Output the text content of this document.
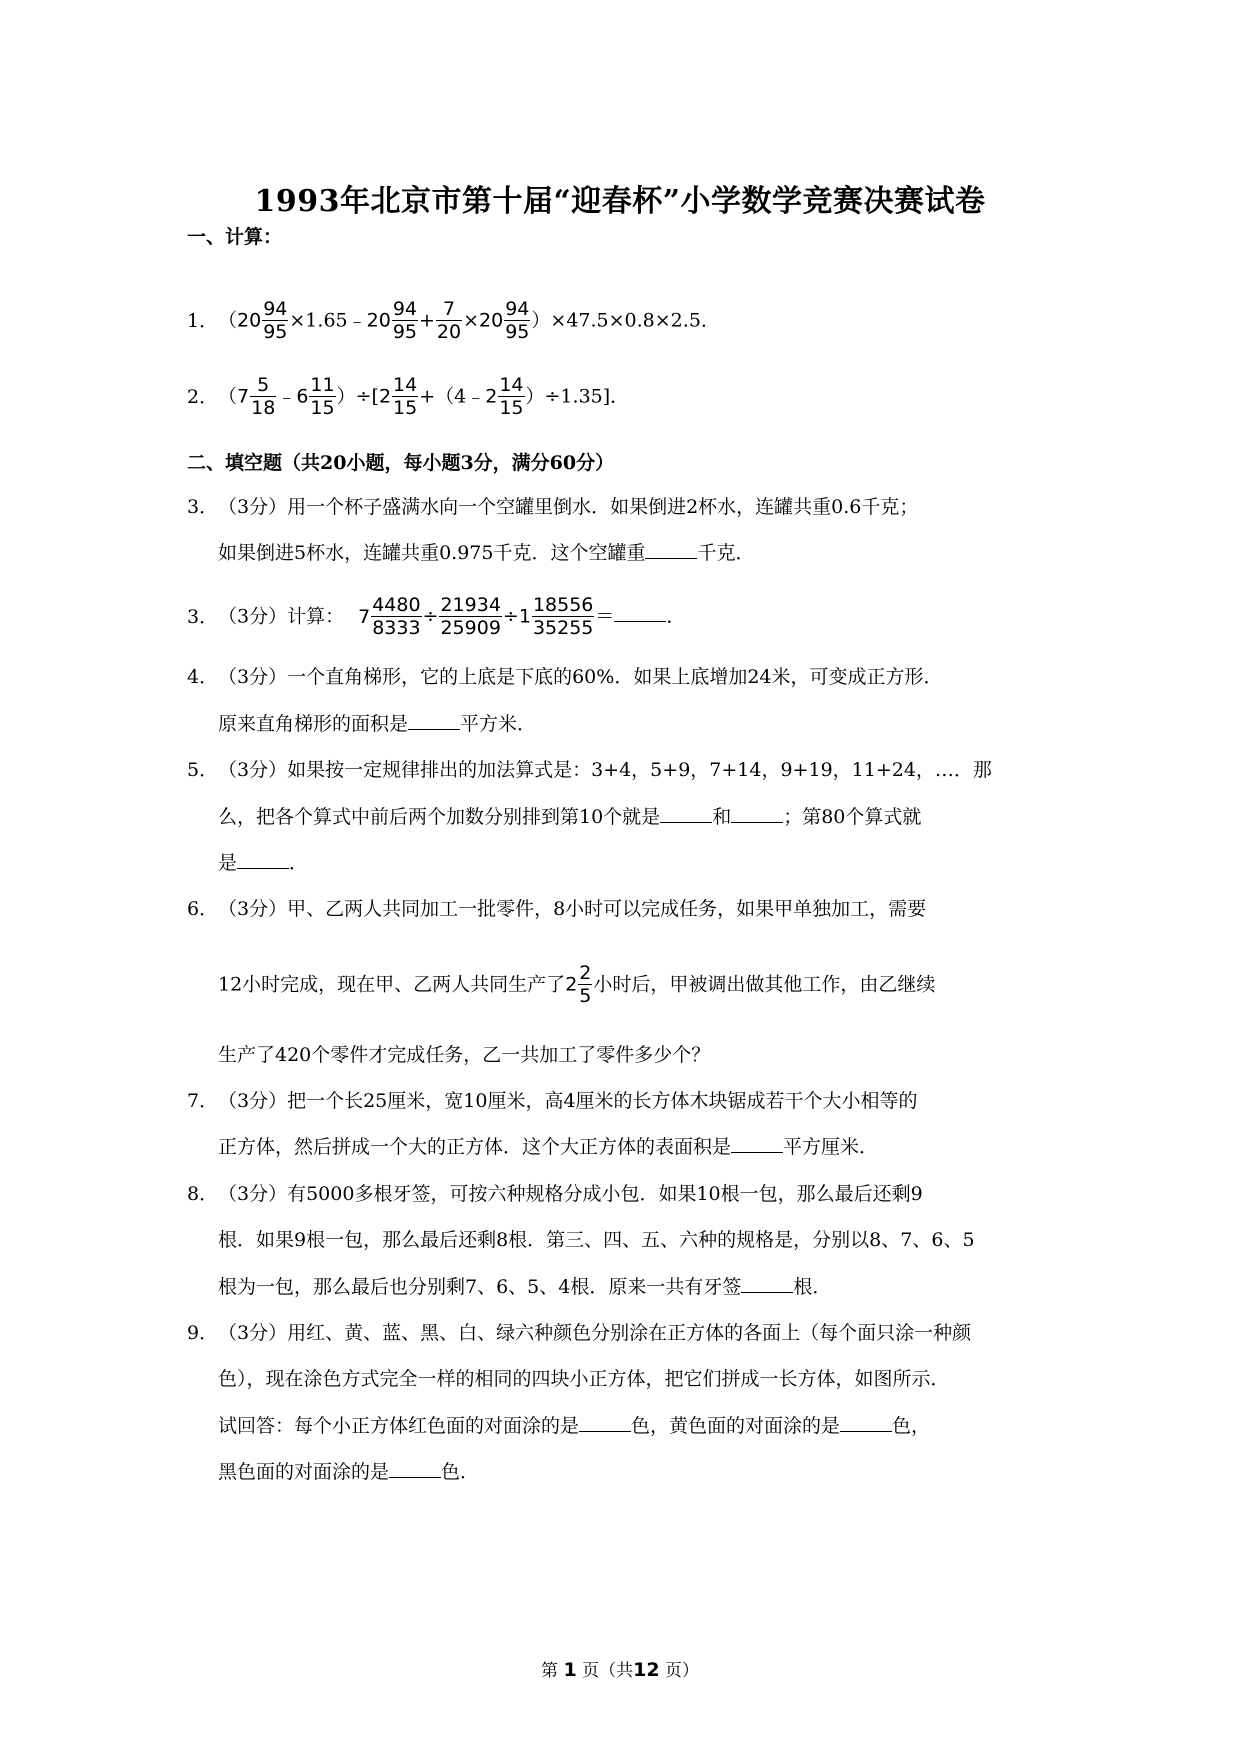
1993年北京市第十届“迎春杯”小学数学竞赛决赛试卷
一、计算：
1．（$20 \frac{94}{95}$ ×1.65﹣20 $\frac{94}{95} + \frac{7}{20} \times 20 \frac{94}{95} )\times 47.5\times 0.8\times 2.5$．
2．（$7 \frac{5}{18}$ ﹣6 $\frac{11}{15} )\div[2 \frac{14}{15}$ +（4﹣2 $\frac{14}{15} )\div 1.35$]．
二、填空题（共20小题，每小题3分，满分60分）
3．（3分）用一个杯子盛满水向一个空罐里倒水．如果倒进2杯水，连罐共重0.6千克；
如果倒进5杯水，连罐共重0.975千克．这个空罐重	千克．
3．（3分）计算： $7 \frac{4480}{8333} \div \frac{21934}{25909} \div 1 \frac{18556}{35255}$ ＝	．
4．（3分）一个直角梯形，它的上底是下底的60%．如果上底增加24米，可变成正方形．
原来直角梯形的面积是	平方米．
5．（3分）如果按一定规律排出的加法算式是：3+4，5+9，7+14，9+19，11+24，…．那
么，把各个算式中前后两个加数分别排到第10个就是	和	；第80个算式就
是	．
6．（3分）甲、乙两人共同加工一批零件，8小时可以完成任务，如果甲单独加工，需要
12小时完成，现在甲、乙两人共同生产了$2 \frac{2}{5}$ 小时后，甲被调出做其他工作，由乙继续
生产了420个零件才完成任务，乙一共加工了零件多少个？
7．（3分）把一个长25厘米，宽10厘米，高4厘米的长方体木块锯成若干个大小相等的
正方体，然后拼成一个大的正方体．这个大正方体的表面积是	平方厘米．
8．（3分）有5000多根牙签，可按六种规格分成小包．如果10根一包，那么最后还剩9
根．如果9根一包，那么最后还剩8根．第三、四、五、六种的规格是，分别以8、7、6、5
根为一包，那么最后也分别剩7、6、5、4根．原来一共有牙签	根．
9．（3分）用红、黄、蓝、黑、白、绿六种颜色分别涂在正方体的各面上（每个面只涂一种颜
色），现在涂色方式完全一样的相同的四块小正方体，把它们拼成一长方体，如图所示．
试回答：每个小正方体红色面的对面涂的是	色，黄色面的对面涂的是	色，
黑色面的对面涂的是	色．
第 1 页（共12 页）
